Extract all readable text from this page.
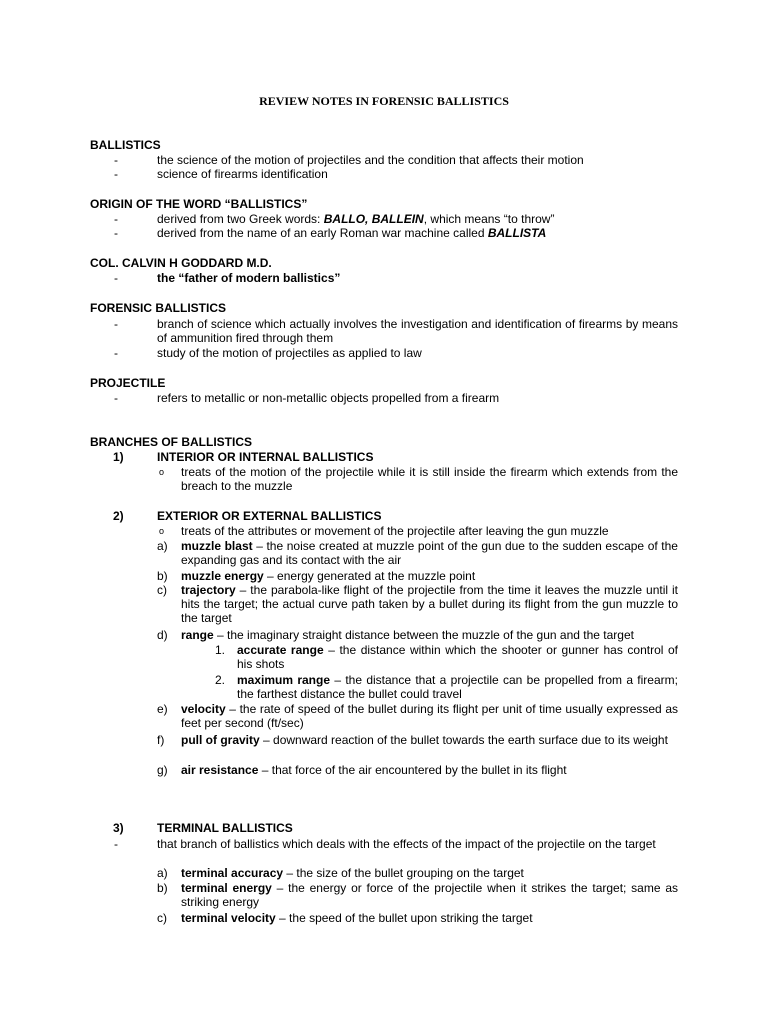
REVIEW NOTES IN FORENSIC BALLISTICS
BALLISTICS
-	the science of the motion of projectiles and the condition that affects their motion
-	science of firearms identification
ORIGIN OF THE WORD “BALLISTICS”
-	derived from two Greek words: BALLO, BALLEIN, which means “to throw”
-	derived from the name of an early Roman war machine called BALLISTA
COL. CALVIN H GODDARD M.D.
-	the “father of modern ballistics”
FORENSIC BALLISTICS
-	branch of science which actually involves the investigation and identification of firearms by means of ammunition fired through them
-	study of the motion of projectiles as applied to law
PROJECTILE
-	refers to metallic or non-metallic objects propelled from a firearm
BRANCHES OF BALLISTICS
1)	INTERIOR OR INTERNAL BALLISTICS
o treats of the motion of the projectile while it is still inside the firearm which extends from the breach to the muzzle
2)	EXTERIOR OR EXTERNAL BALLISTICS
o treats of the attributes or movement of the projectile after leaving the gun muzzle
a) muzzle blast – the noise created at muzzle point of the gun due to the sudden escape of the expanding gas and its contact with the air
b) muzzle energy – energy generated at the muzzle point
c) trajectory – the parabola-like flight of the projectile from the time it leaves the muzzle until it hits the target; the actual curve path taken by a bullet during its flight from the gun muzzle to the target
d) range – the imaginary straight distance between the muzzle of the gun and the target
1. accurate range – the distance within which the shooter or gunner has control of his shots
2. maximum range – the distance that a projectile can be propelled from a firearm; the farthest distance the bullet could travel
e) velocity – the rate of speed of the bullet during its flight per unit of time usually expressed as feet per second (ft/sec)
f) pull of gravity – downward reaction of the bullet towards the earth surface due to its weight
g) air resistance – that force of the air encountered by the bullet in its flight
3)	TERMINAL BALLISTICS
-	that branch of ballistics which deals with the effects of the impact of the projectile on the target
a) terminal accuracy – the size of the bullet grouping on the target
b) terminal energy – the energy or force of the projectile when it strikes the target; same as striking energy
c) terminal velocity – the speed of the bullet upon striking the target
